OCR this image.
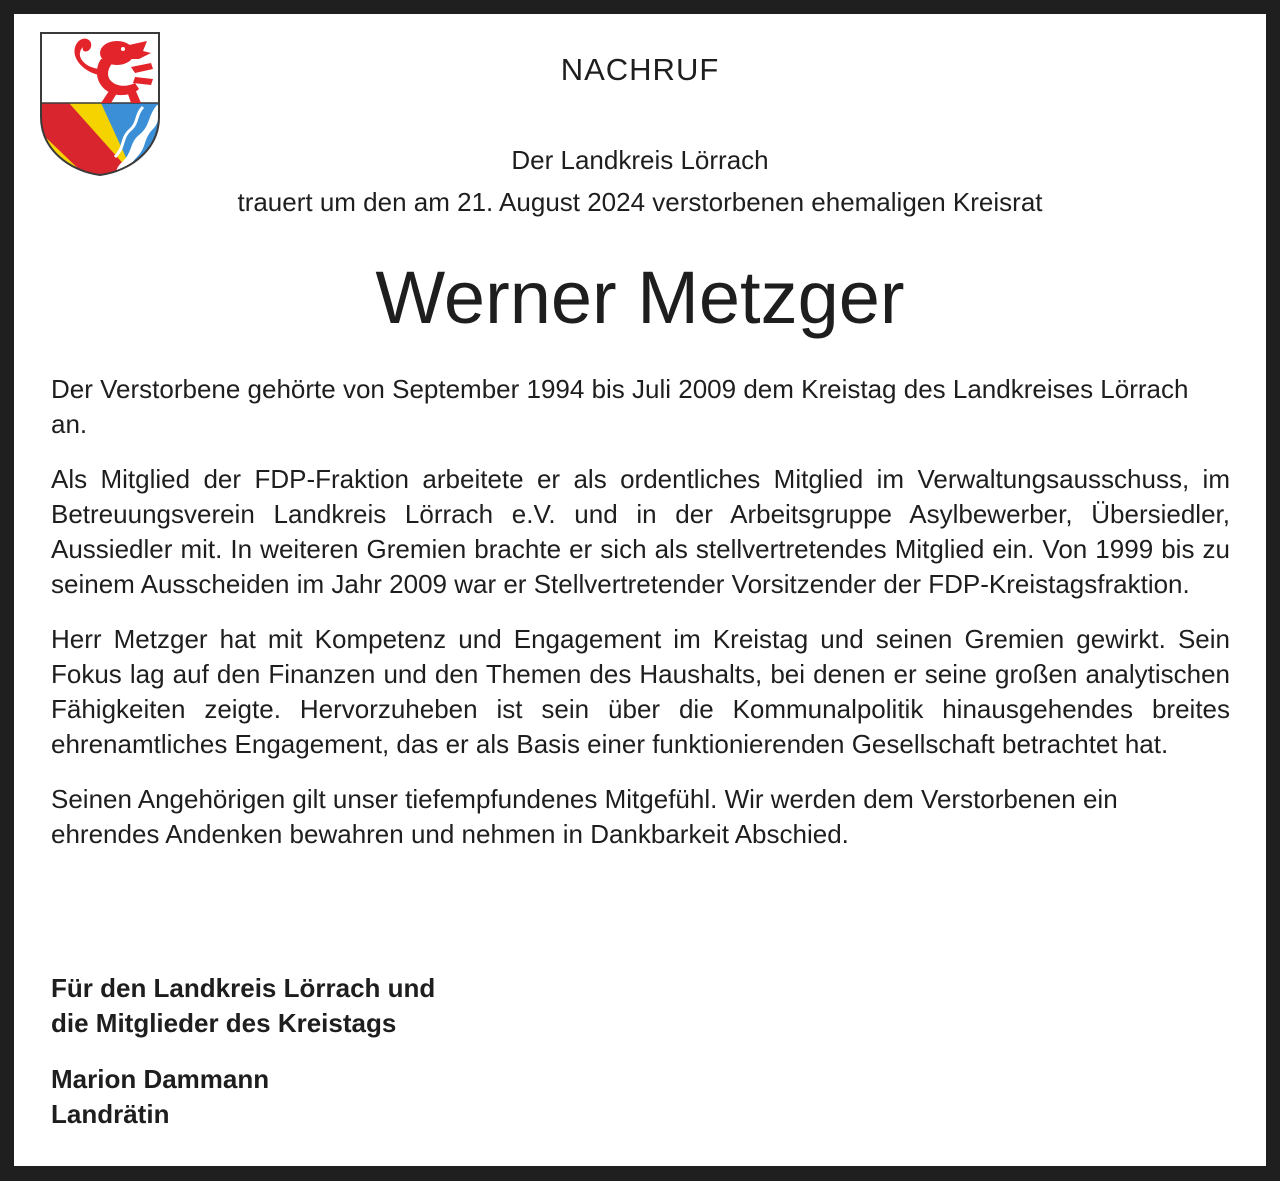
NACHRUF
Der Landkreis Lörrach
trauert um den am 21. August 2024 verstorbenen ehemaligen Kreisrat
Werner Metzger

Der Verstorbene gehörte von September 1994 bis Juli 2009 dem Kreistag des Landkreises Lörrach an.

Als Mitglied der FDP-Fraktion arbeitete er als ordentliches Mitglied im Verwaltungsausschuss, im Betreuungsverein Landkreis Lörrach e.V. und in der Arbeitsgruppe Asylbewerber, Übersiedler, Aussiedler mit. In weiteren Gremien brachte er sich als stellvertretendes Mitglied ein. Von 1999 bis zu seinem Ausscheiden im Jahr 2009 war er Stellvertretender Vorsitzender der FDP-Kreistagsfraktion.

Herr Metzger hat mit Kompetenz und Engagement im Kreistag und seinen Gremien gewirkt. Sein Fokus lag auf den Finanzen und den Themen des Haushalts, bei denen er seine großen analytischen Fähigkeiten zeigte. Hervorzuheben ist sein über die Kommunalpolitik hinausgehendes breites ehrenamtliches Engagement, das er als Basis einer funktionierenden Gesellschaft betrachtet hat.

Seinen Angehörigen gilt unser tiefempfundenes Mitgefühl. Wir werden dem Verstorbenen ein ehrendes Andenken bewahren und nehmen in Dankbarkeit Abschied.

Für den Landkreis Lörrach und
die Mitglieder des Kreistags
Marion Dammann
Landrätin
